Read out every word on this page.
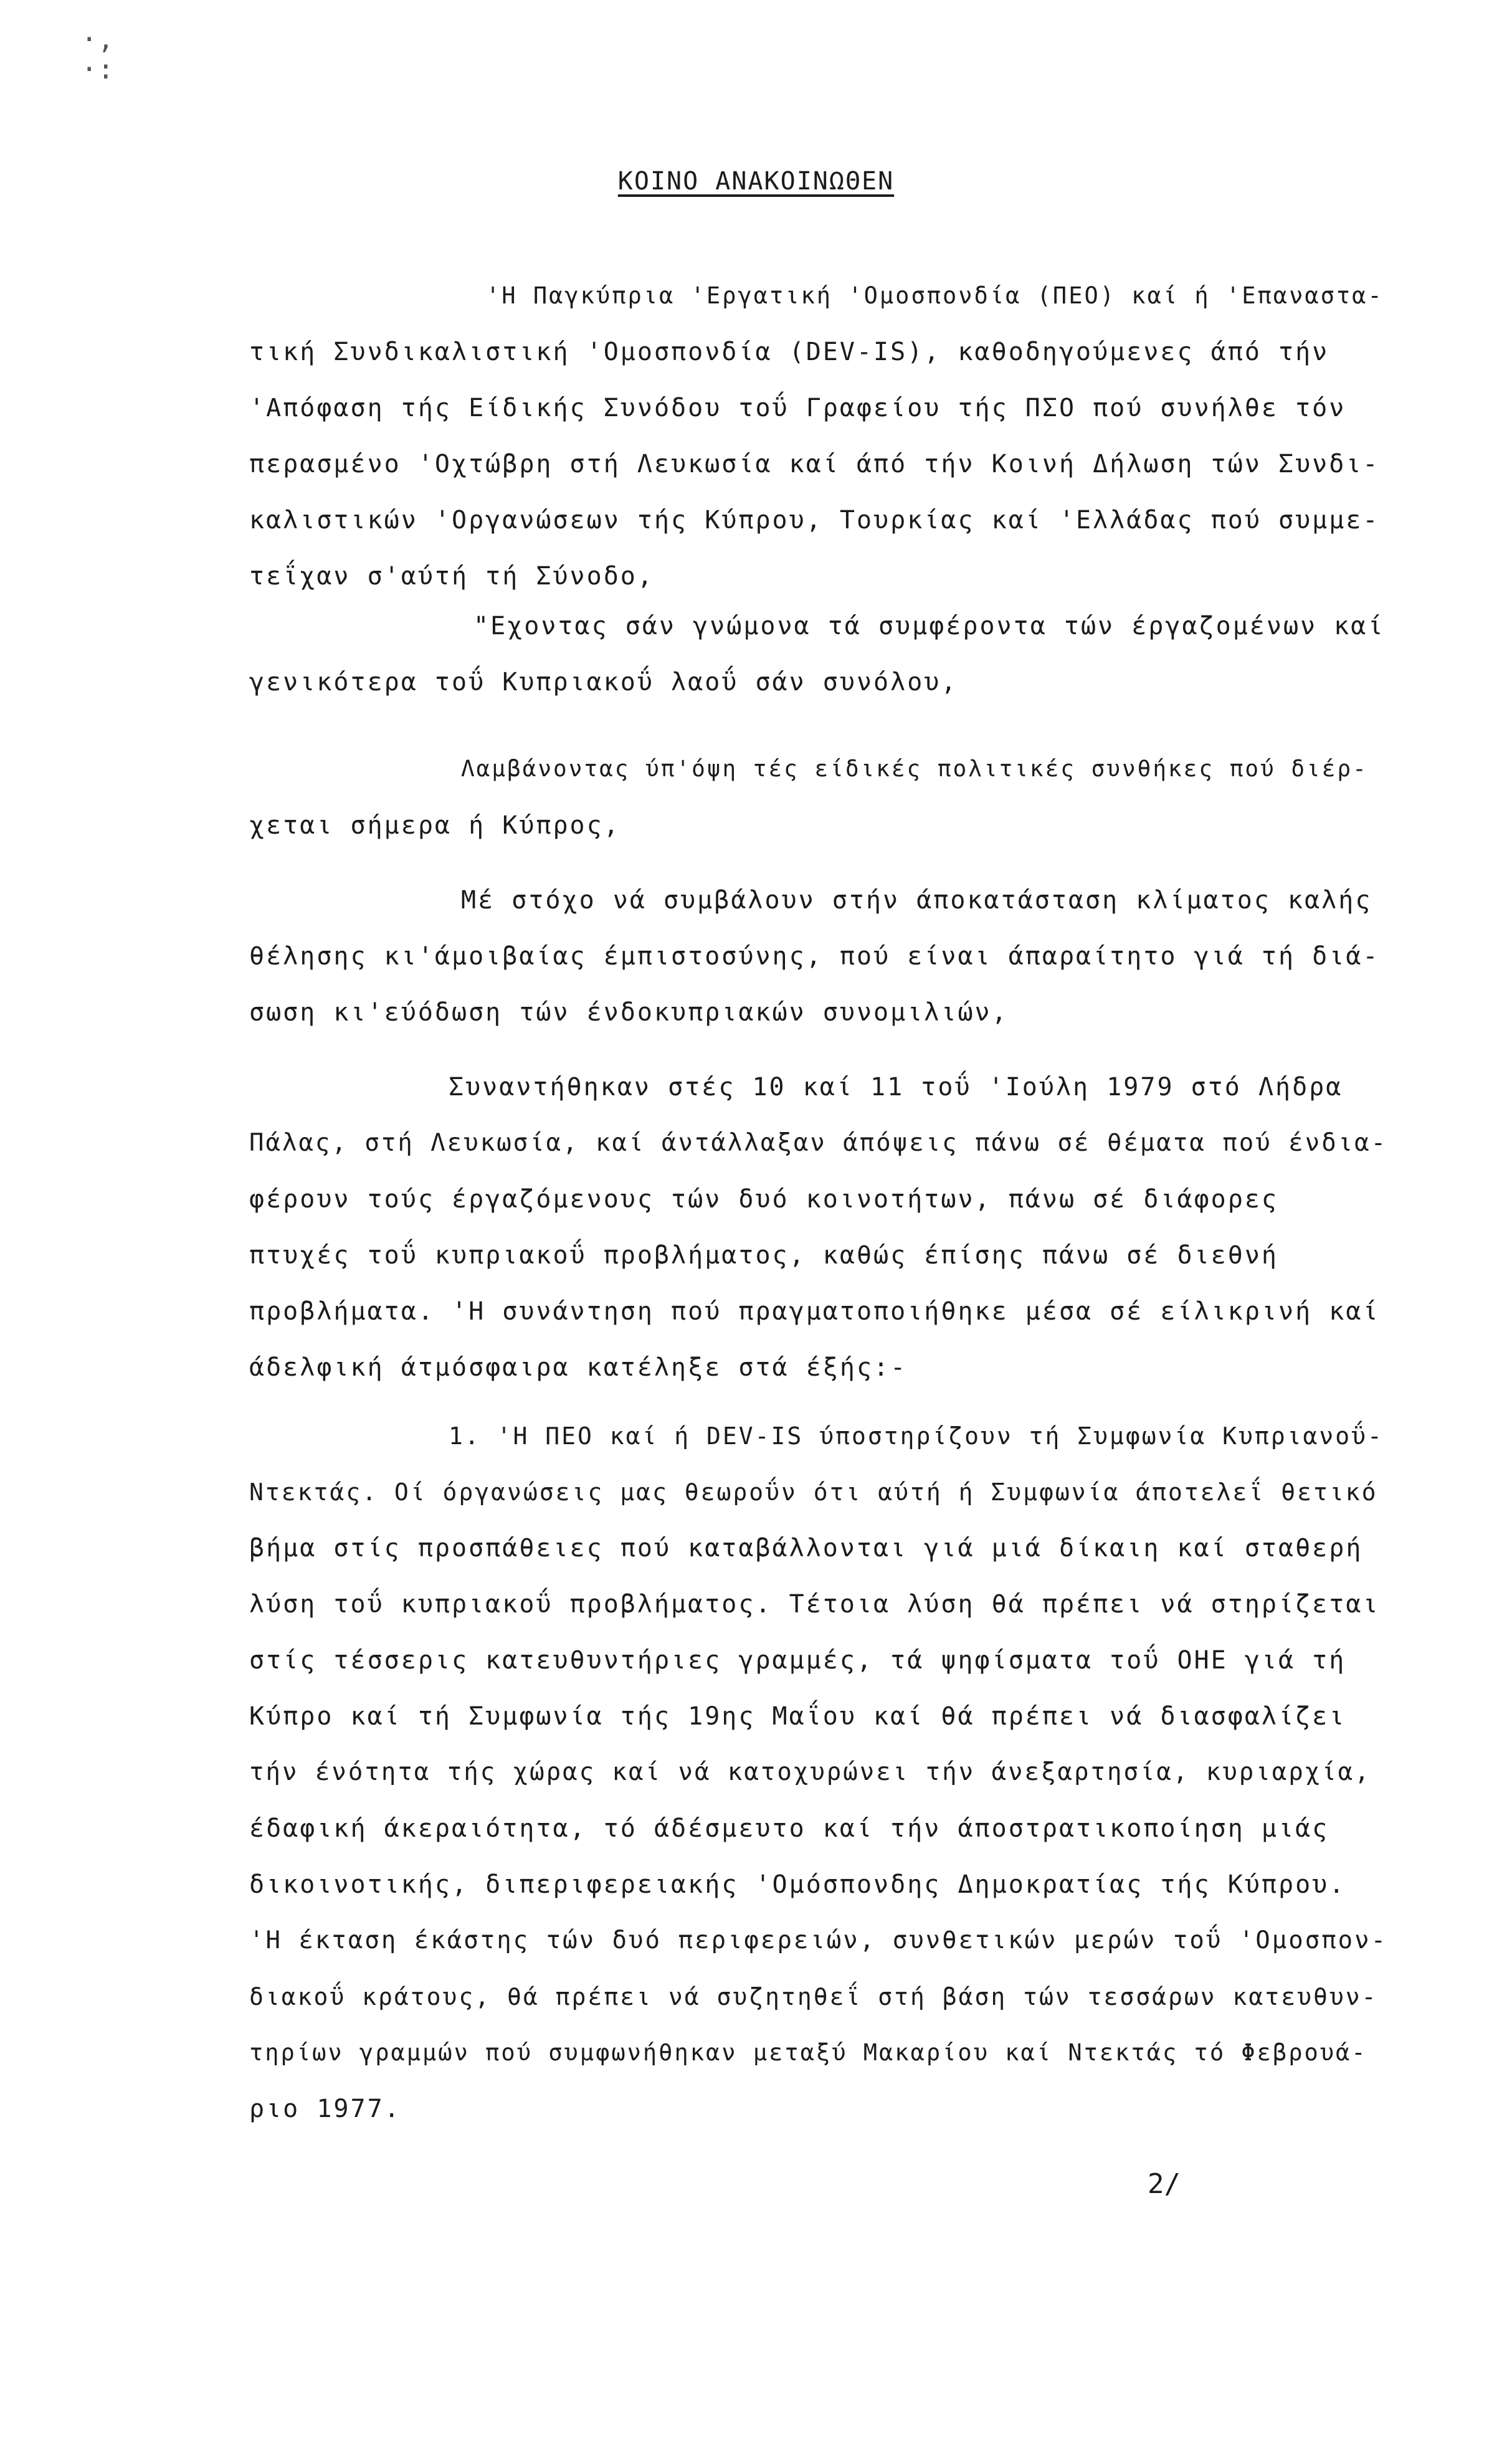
·,
·:
ΚΟΙΝΟ ΑΝΑΚΟΙΝΩΘΕΝ
'Η Παγκύπρια 'Εργατική 'Ομοσπονδία (ΠΕΟ) καί ή 'Επαναστα-
τική Συνδικαλιστική 'Ομοσπονδία (DEV-IS), καθοδηγούμενες άπό τήν
'Απόφαση τής Είδικής Συνόδου τοΰ Γραφείου τής ΠΣΟ πού συνήλθε τόν
περασμένο 'Οχτώβρη στή Λευκωσία καί άπό τήν Κοινή Δήλωση τών Συνδι-
καλιστικών 'Οργανώσεων τής Κύπρου, Τουρκίας καί 'Ελλάδας πού συμμε-
τεΐχαν σ'αύτή τή Σύνοδο,
"Εχοντας σάν γνώμονα τά συμφέροντα τών έργαζομένων καί
γενικότερα τοΰ Κυπριακοΰ λαοΰ σάν συνόλου,
Λαμβάνοντας ύπ'όψη τές είδικές πολιτικές συνθήκες πού διέρ-
χεται σήμερα ή Κύπρος,
Μέ στόχο νά συμβάλουν στήν άποκατάσταση κλίματος καλής
θέλησης κι'άμοιβαίας έμπιστοσύνης, πού είναι άπαραίτητο γιά τή διά-
σωση κι'εύόδωση τών ένδοκυπριακών συνομιλιών,
Συναντήθηκαν στές 10 καί 11 τοΰ 'Ιούλη 1979 στό Λήδρα
Πάλας, στή Λευκωσία, καί άντάλλαξαν άπόψεις πάνω σέ θέματα πού ένδια-
φέρουν τούς έργαζόμενους τών δυό κοινοτήτων, πάνω σέ διάφορες
πτυχές τοΰ κυπριακοΰ προβλήματος, καθώς έπίσης πάνω σέ διεθνή
προβλήματα. 'Η συνάντηση πού πραγματοποιήθηκε μέσα σέ είλικρινή καί
άδελφική άτμόσφαιρα κατέληξε στά έξής:-
1. 'Η ΠΕΟ καί ή DEV-IS ύποστηρίζουν τή Συμφωνία Κυπριανοΰ-
Ντεκτάς. Οί όργανώσεις μας θεωροΰν ότι αύτή ή Συμφωνία άποτελεΐ θετικό
βήμα στίς προσπάθειες πού καταβάλλονται γιά μιά δίκαιη καί σταθερή
λύση τοΰ κυπριακοΰ προβλήματος. Τέτοια λύση θά πρέπει νά στηρίζεται
στίς τέσσερις κατευθυντήριες γραμμές, τά ψηφίσματα τοΰ ΟΗΕ γιά τή
Κύπρο καί τή Συμφωνία τής 19ης Μαΐου καί θά πρέπει νά διασφαλίζει
τήν ένότητα τής χώρας καί νά κατοχυρώνει τήν άνεξαρτησία, κυριαρχία,
έδαφική άκεραιότητα, τό άδέσμευτο καί τήν άποστρατικοποίηση μιάς
δικοινοτικής, διπεριφερειακής 'Ομόσπονδης Δημοκρατίας τής Κύπρου.
'Η έκταση έκάστης τών δυό περιφερειών, συνθετικών μερών τοΰ 'Ομοσπον-
διακοΰ κράτους, θά πρέπει νά συζητηθεΐ στή βάση τών τεσσάρων κατευθυν-
τηρίων γραμμών πού συμφωνήθηκαν μεταξύ Μακαρίου καί Ντεκτάς τό Φεβρουά-
ριο 1977.
2/
